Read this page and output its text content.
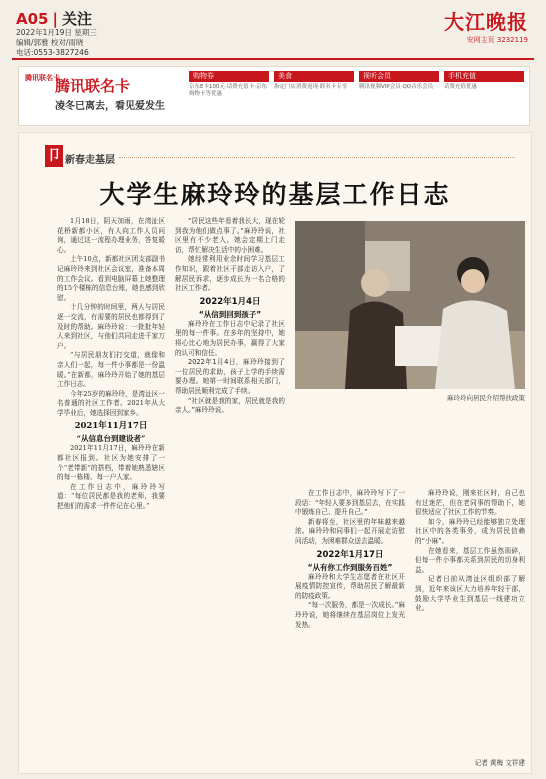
A05 | 关注
2022年1月19日 星期三
编辑/郭雅 校对/雨晓
电话:0553-3827246
大江晚报
安网主页 3232119
腾讯联名卡
腾讯联名卡
凌冬已离去，看见爱发生
购物券
京东E卡100元·话费充值卡·京东购物卡等优惠
美食
指定门店消费返现·联名卡专享
视听会员
腾讯视频VIP会员·QQ音乐会员
手机充值
话费充值优惠
卩 新春走基层
大学生麻玲玲的基层工作日志

1月18日，阴天加雨，在湾沚区花桥新都小区，有人向工作人员问询，通过这一流程办理业务，答复暖心。

上午10点，新都社区团支部副书记麻玲玲来到社区会议室，准备本周的工作会议。看到电脑屏幕上她整理的15个楼栋的信息台账，她也感到欣慰。

十几分钟的时间里，两人与居民逐一交流，有需要的居民也都得到了及时的帮助。麻玲玲说：一批批年轻人来到社区，与他们共同走进千家万户。

“与居民朋友们打交道，就像和亲人们一起，每一件小事都是一份温暖。”在新都，麻玲玲开始了她的基层工作日志。

今年25岁的麻玲玲，是湾沚区一名普通的社区工作者。2021年从大学毕业后，她选择回到家乡。

2021年11月17日

“从信息台到建设者”

2021年11月17日，麻玲玲在新都社区报到。社区为她安排了一个“老带新”的搭档，带着她熟悉辖区的每一栋楼、每一户人家。

在工作日志中，麻玲玲写道：“每位居民都是我的老师，我要把他们的需求一件件记在心里。”

“居民这些年看着我长大，现在轮到我为他们做点事了。”麻玲玲说，社区里有不少老人，她会定期上门走访，帮忙解决生活中的小困难。

她经常利用业余时间学习基层工作知识，跟着社区干部走访入户，了解居民诉求，逐步成长为一名合格的社区工作者。

2022年1月4日

“从信到回到孩子”

麻玲玲在工作日志中记录了社区里的每一件事。在多年的坚持中，她将心比心地为居民办事，赢得了大家的认可和信任。

2022年1月4日，麻玲玲接到了一位居民的求助，孩子上学的手续需要办理。她第一时间联系相关部门，帮助居民顺利完成了手续。

“社区就是我的家，居民就是我的亲人。”麻玲玲说。

麻玲玲向居民介绍帮扶政策

在工作日志中，麻玲玲写下了一段话：“年轻人要多到基层去，在实践中锻炼自己、提升自己。”

新春将至，社区里的年味越来越浓。麻玲玲和同事们一起开展走访慰问活动，为困难群众送去温暖。

2022年1月17日

“从有你工作到服务百姓”

麻玲玲和大学生志愿者在社区开展疫情防控宣传，帮助居民了解最新的防疫政策。

“每一次服务，都是一次成长。”麻玲玲说，她将继续在基层岗位上发光发热。

麻玲玲说，刚来社区时，自己也有过迷茫，但在老同事的帮助下，她很快适应了社区工作的节奏。

如今，麻玲玲已经能够独立处理社区中的各类事务，成为居民信赖的“小麻”。

在她看来，基层工作虽然琐碎，但每一件小事都关系到居民的切身利益。

记者日前从湾沚区组织部了解到，近年来该区大力培养年轻干部，鼓励大学毕业生到基层一线建功立业。

记者 黄梅 文祥建
